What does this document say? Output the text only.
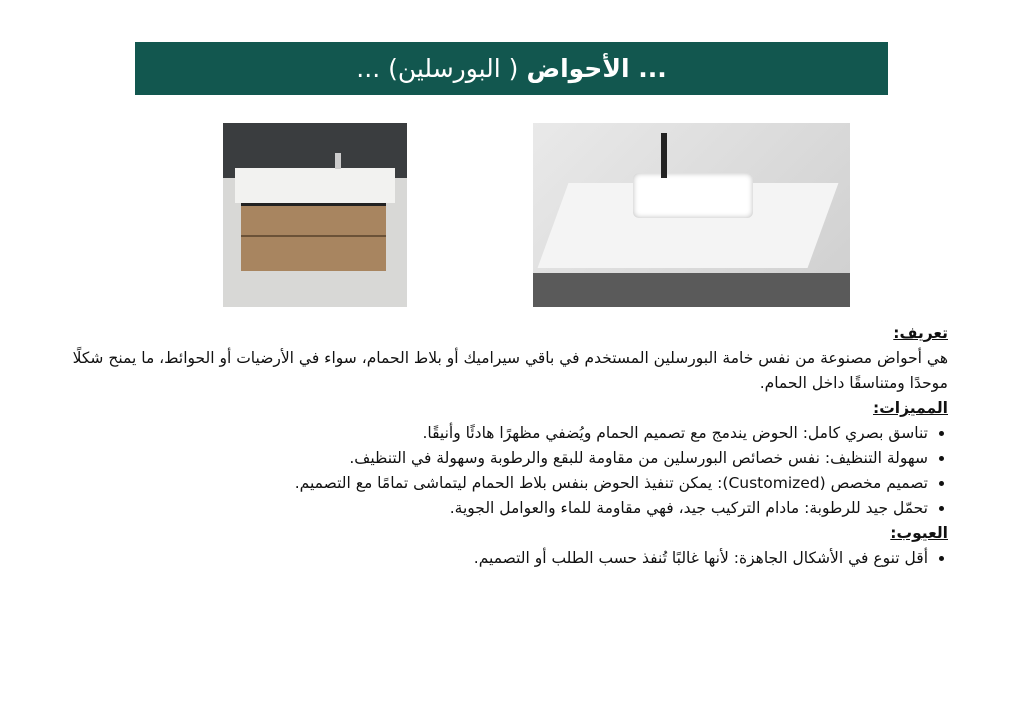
... الأحواض
( البورسلين) ...
تعريف:
هي أحواض مصنوعة من نفس خامة البورسلين المستخدم في باقي سيراميك أو بلاط الحمام، سواء في الأرضيات أو الحوائط، ما يمنح شكلًا موحدًا ومتناسقًا داخل الحمام.
المميزات:
• تناسق بصري كامل: الحوض يندمج مع تصميم الحمام ويُضفي مظهرًا هادئًا وأنيقًا.
• سهولة التنظيف: نفس خصائص البورسلين من مقاومة للبقع والرطوبة وسهولة في التنظيف.
• تصميم مخصص (Customized): يمكن تنفيذ الحوض بنفس بلاط الحمام ليتماشى تمامًا مع التصميم.
• تحمّل جيد للرطوبة: مادام التركيب جيد، فهي مقاومة للماء والعوامل الجوية.
العيوب:
• أقل تنوع في الأشكال الجاهزة: لأنها غالبًا تُنفذ حسب الطلب أو التصميم.
